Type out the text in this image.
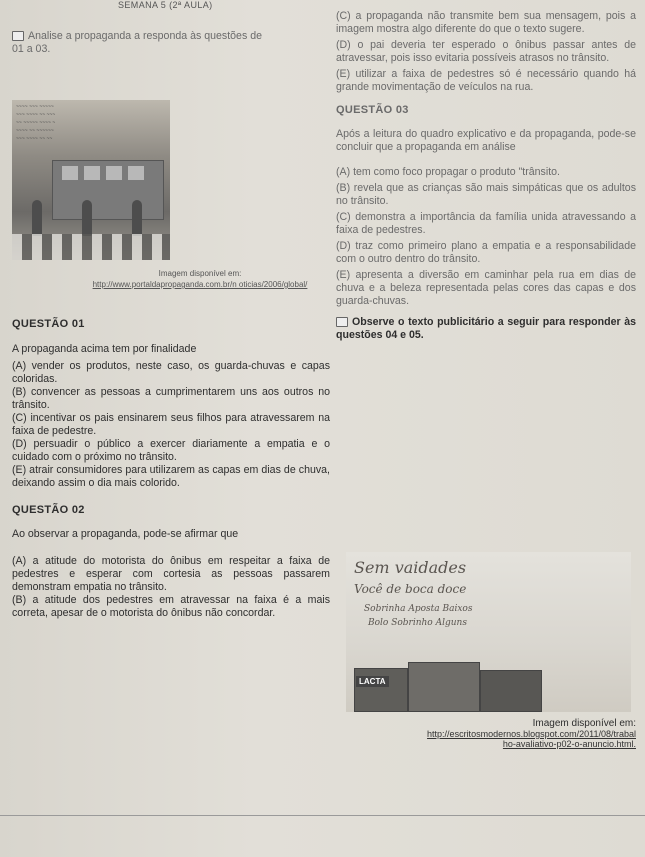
SEMANA 5 (2ª AULA)

Analise a propaganda a responda às questões de 01 a 03.

~~~~ ~~~ ~~~~~
~~~ ~~~~ ~~ ~~~
~~ ~~~~~ ~~~~ ~
~~~~ ~~ ~~~~~~
~~~ ~~~~ ~~ ~~
Imagem disponível em:
http://www.portaldapropaganda.com.br/n oticias/2006/global/
QUESTÃO 01

A propaganda acima tem por finalidade

(A) vender os produtos, neste caso, os guarda-chuvas e capas coloridas.

(B) convencer as pessoas a cumprimentarem uns aos outros no trânsito.

(C) incentivar os pais ensinarem seus filhos para atravessarem na faixa de pedestre.

(D) persuadir o público a exercer diariamente a empatia e o cuidado com o próximo no trânsito.

(E) atrair consumidores para utilizarem as capas em dias de chuva, deixando assim o dia mais colorido.

QUESTÃO 02

Ao observar a propaganda, pode-se afirmar que

(A) a atitude do motorista do ônibus em respeitar a faixa de pedestres e esperar com cortesia as pessoas passarem demonstram empatia no trânsito.

(B) a atitude dos pedestres em atravessar na faixa é a mais correta, apesar de o motorista do ônibus não concordar.

(C) a propaganda não transmite bem sua mensagem, pois a imagem mostra algo diferente do que o texto sugere.

(D) o pai deveria ter esperado o ônibus passar antes de atravessar, pois isso evitaria possíveis atrasos no trânsito.

(E) utilizar a faixa de pedestres só é necessário quando há grande movimentação de veículos na rua.

QUESTÃO 03

Após a leitura do quadro explicativo e da propaganda, pode-se concluir que a propaganda em análise

(A) tem como foco propagar o produto "trânsito.

(B) revela que as crianças são mais simpáticas que os adultos no trânsito.

(C) demonstra a importância da família unida atravessando a faixa de pedestres.

(D) traz como primeiro plano a empatia e a responsabilidade com o outro dentro do trânsito.

(E) apresenta a diversão em caminhar pela rua em dias de chuva e a beleza representada pelas cores das capas e dos guarda-chuvas.

Observe o texto publicitário a seguir para responder às questões 04 e 05.

Sem vaidades
Você de boca doce
Sobrinha Aposta Baixos
Bolo Sobrinho Alguns
LACTA
Imagem disponível em:
http://escritosmodernos.blogspot.com/2011/08/trabal
ho-avaliativo-p02-o-anuncio.html.
